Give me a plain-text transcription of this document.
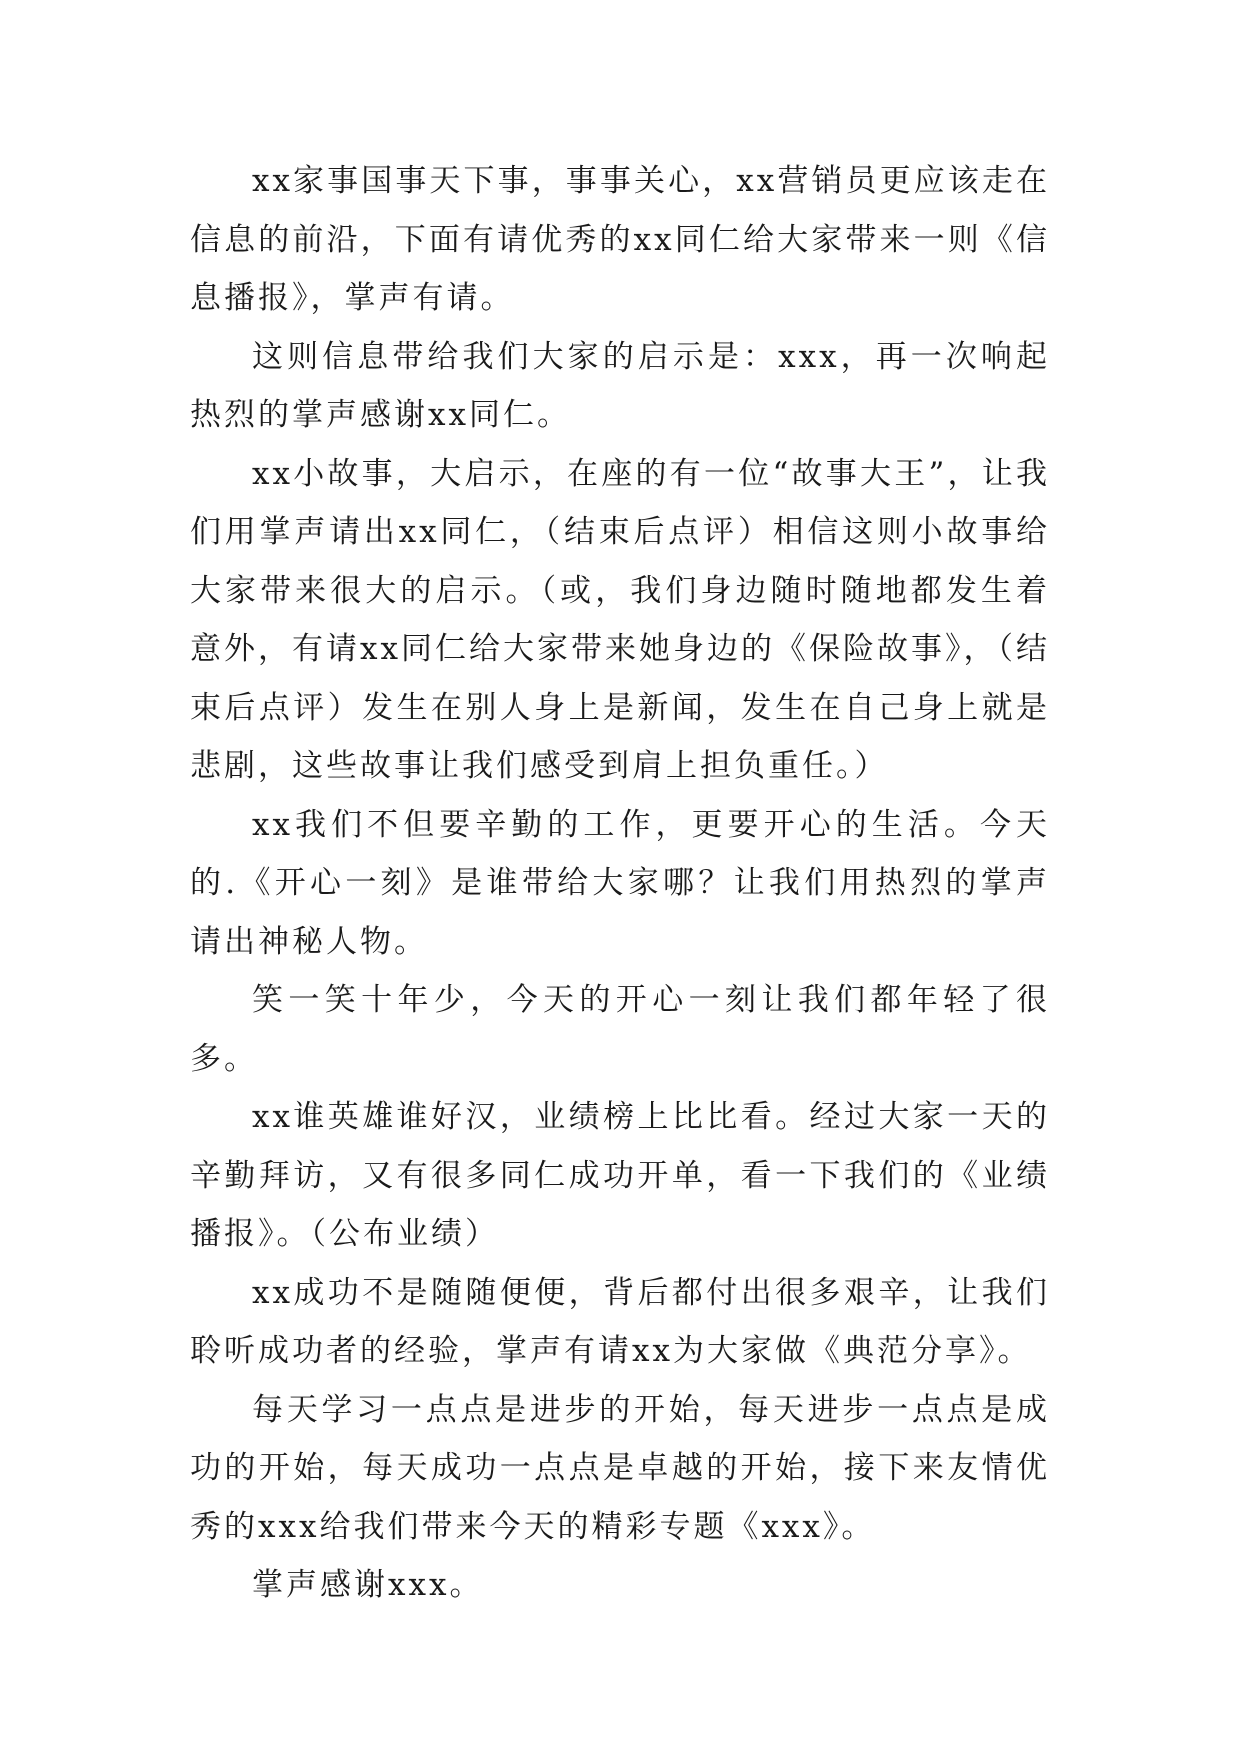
xx家事国事天下事，事事关心，xx营销员更应该走在信息的前沿，下面有请优秀的xx同仁给大家带来一则《信息播报》，掌声有请。

这则信息带给我们大家的启示是：xxx，再一次响起热烈的掌声感谢xx同仁。

xx小故事，大启示，在座的有一位“故事大王”，让我们用掌声请出xx同仁，（结束后点评）相信这则小故事给大家带来很大的启示。（或，我们身边随时随地都发生着意外，有请xx同仁给大家带来她身边的《保险故事》，（结束后点评）发生在别人身上是新闻，发生在自己身上就是悲剧，这些故事让我们感受到肩上担负重任。）

xx我们不但要辛勤的工作，更要开心的生活。今天的.《开心一刻》是谁带给大家哪？让我们用热烈的掌声请出神秘人物。

笑一笑十年少，今天的开心一刻让我们都年轻了很多。

xx谁英雄谁好汉，业绩榜上比比看。经过大家一天的辛勤拜访，又有很多同仁成功开单，看一下我们的《业绩播报》。（公布业绩）

xx成功不是随随便便，背后都付出很多艰辛，让我们聆听成功者的经验，掌声有请xx为大家做《典范分享》。

每天学习一点点是进步的开始，每天进步一点点是成功的开始，每天成功一点点是卓越的开始，接下来友情优秀的xxx给我们带来今天的精彩专题《xxx》。

掌声感谢xxx。
